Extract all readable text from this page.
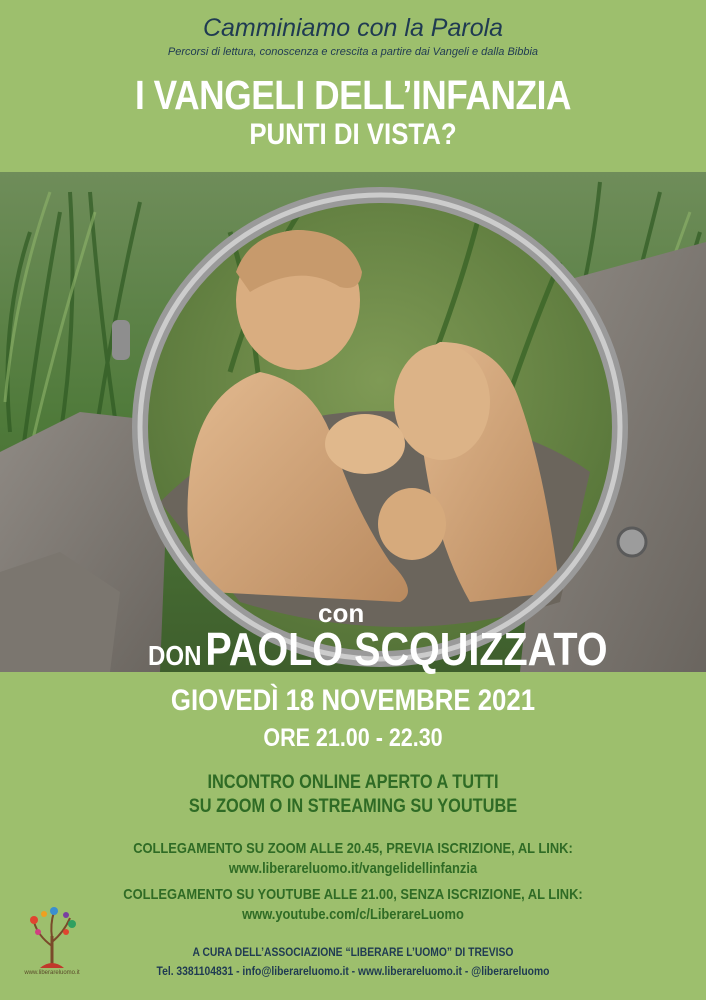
Camminiamo con la Parola
Percorsi di lettura, conoscenza e crescita a partire dai Vangeli e dalla Bibbia
I VANGELI DELL’INFANZIA
PUNTI DI VISTA?
con
DON PAOLO SCQUIZZATO
GIOVEDÌ 18 NOVEMBRE 2021
ORE 21.00 - 22.30
INCONTRO ONLINE APERTO A TUTTI
SU ZOOM O IN STREAMING SU YOUTUBE
COLLEGAMENTO SU ZOOM ALLE 20.45, PREVIA ISCRIZIONE, AL LINK:
www.liberareluomo.it/vangelidellinfanzia
COLLEGAMENTO SU YOUTUBE ALLE 21.00, SENZA ISCRIZIONE, AL LINK:
www.youtube.com/c/LiberareLuomo
A CURA DELL’ASSOCIAZIONE “LIBERARE L’UOMO” DI TREVISO
Tel. 3381104831 - info@liberareluomo.it - www.liberareluomo.it - @liberareluomo
www.liberareluomo.it
